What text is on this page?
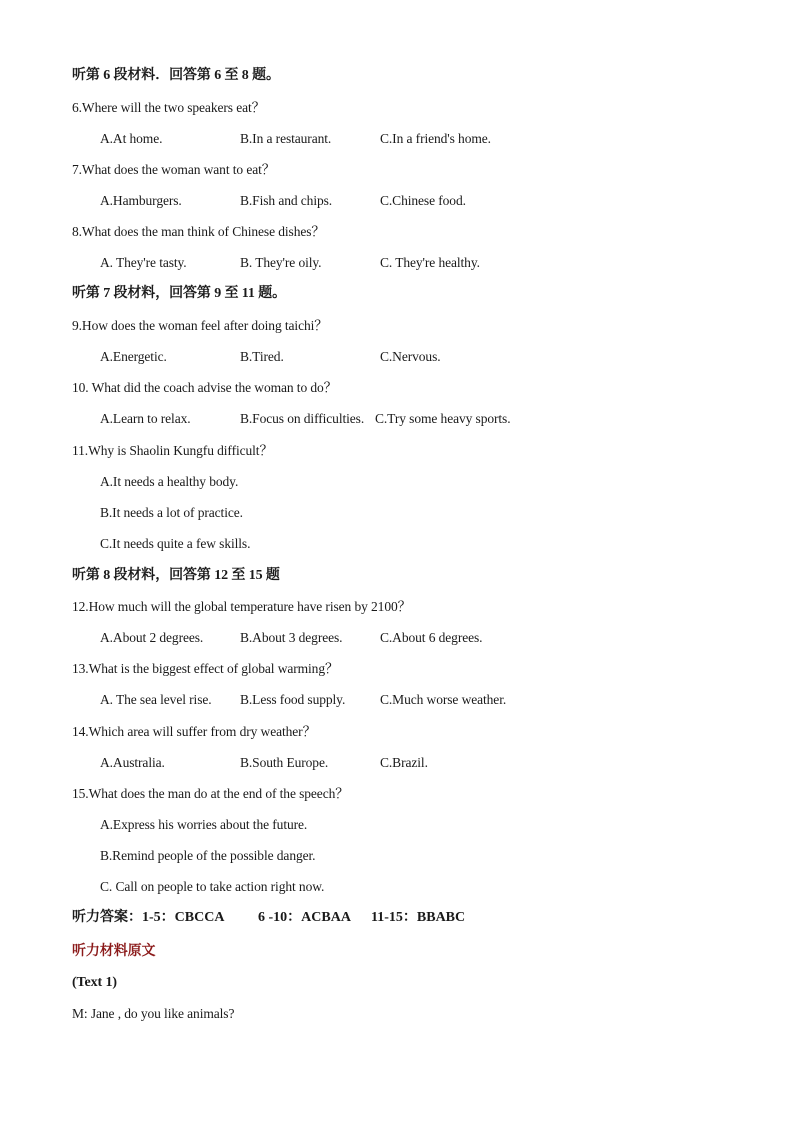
听第 6 段材料．回答第 6 至 8 题。
6.Where will the two speakers eat？
A.At home.	B.In a restaurant.	C.In a friend's home.
7.What does the woman want to eat？
A.Hamburgers.	B.Fish and chips.	C.Chinese food.
8.What does the man think of Chinese dishes？
A. They're tasty.	B. They're oily.	C. They're healthy.
听第 7 段材料，回答第 9 至 11 题。
9.How does the woman feel after doing taichi？
A.Energetic.	B.Tired.	C.Nervous.
10. What did the coach advise the woman to do？
A.Learn to relax.	B.Focus on difficulties. C.Try some heavy sports.
11.Why is Shaolin Kungfu difficult？
A.It needs a healthy body.
B.It needs a lot of practice.
C.It needs quite a few skills.
听第 8 段材料，回答第 12 至 15 题
12.How much will the global temperature have risen by 2100？
A.About 2 degrees.	B.About 3 degrees.	C.About 6 degrees.
13.What is the biggest effect of global warming？
A. The sea level rise. B.Less food supply.	C.Much worse weather.
14.Which area will suffer from dry weather？
A.Australia.	B.South Europe.	C.Brazil.
15.What does the man do at the end of the speech？
A.Express his worries about the future.
B.Remind people of the possible danger.
C. Call on people to take action right now.
听力答案：1-5：CBCCA 6 -10：ACBAA 11-15：BBABC
听力材料原文
(Text 1)
M: Jane , do you like animals?
